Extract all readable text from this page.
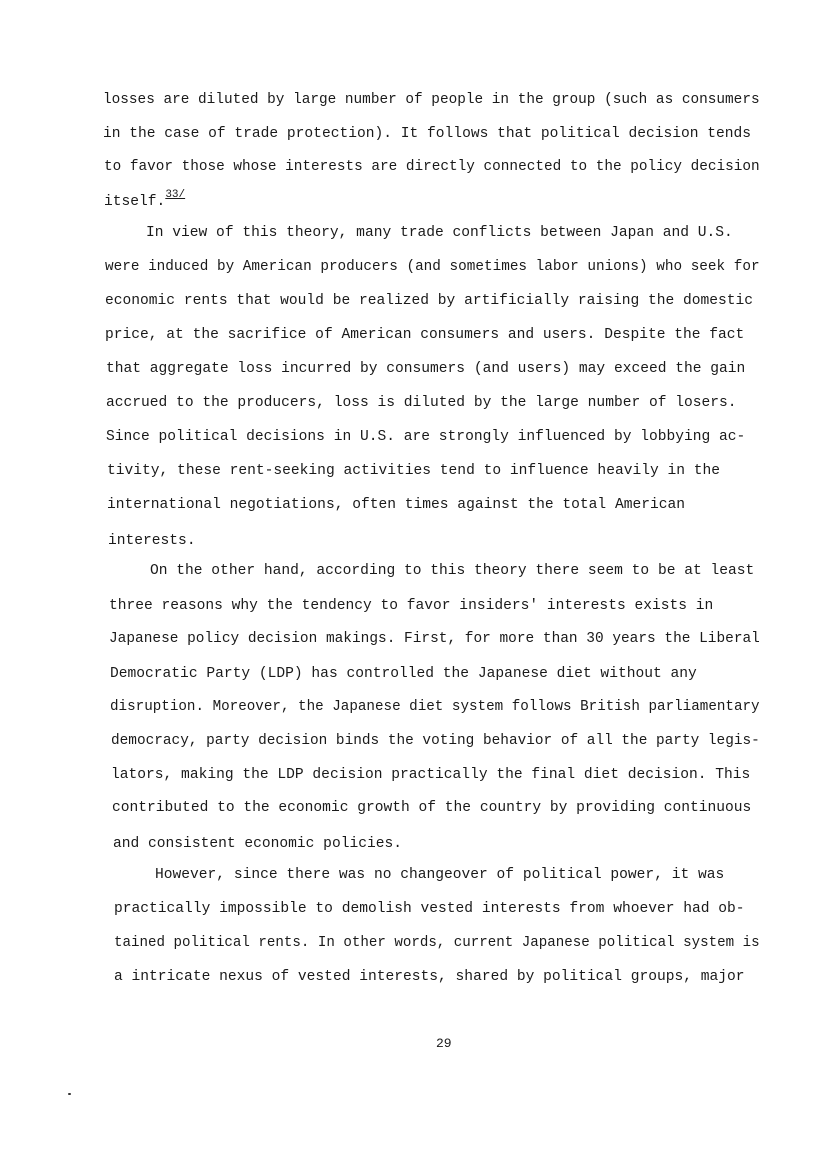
losses are diluted by large number of people in the group (such as consumers
in the case of trade protection). It follows that political decision tends
to favor those whose interests are directly connected to the policy decision
itself.$^{33/}$
In view of this theory, many trade conflicts between Japan and U.S.
were induced by American producers (and sometimes labor unions) who seek for
economic rents that would be realized by artificially raising the domestic
price, at the sacrifice of American consumers and users. Despite the fact
that aggregate loss incurred by consumers (and users) may exceed the gain
accrued to the producers, loss is diluted by the large number of losers.
Since political decisions in U.S. are strongly influenced by lobbying ac-
tivity, these rent-seeking activities tend to influence heavily in the
international negotiations, often times against the total American
interests.
On the other hand, according to this theory there seem to be at least
three reasons why the tendency to favor insiders' interests exists in
Japanese policy decision makings. First, for more than 30 years the Liberal
Democratic Party (LDP) has controlled the Japanese diet without any
disruption. Moreover, the Japanese diet system follows British parliamentary
democracy, party decision binds the voting behavior of all the party legis-
lators, making the LDP decision practically the final diet decision. This
contributed to the economic growth of the country by providing continuous
and consistent economic policies.
However, since there was no changeover of political power, it was
practically impossible to demolish vested interests from whoever had ob-
tained political rents. In other words, current Japanese political system is
a intricate nexus of vested interests, shared by political groups, major
29
